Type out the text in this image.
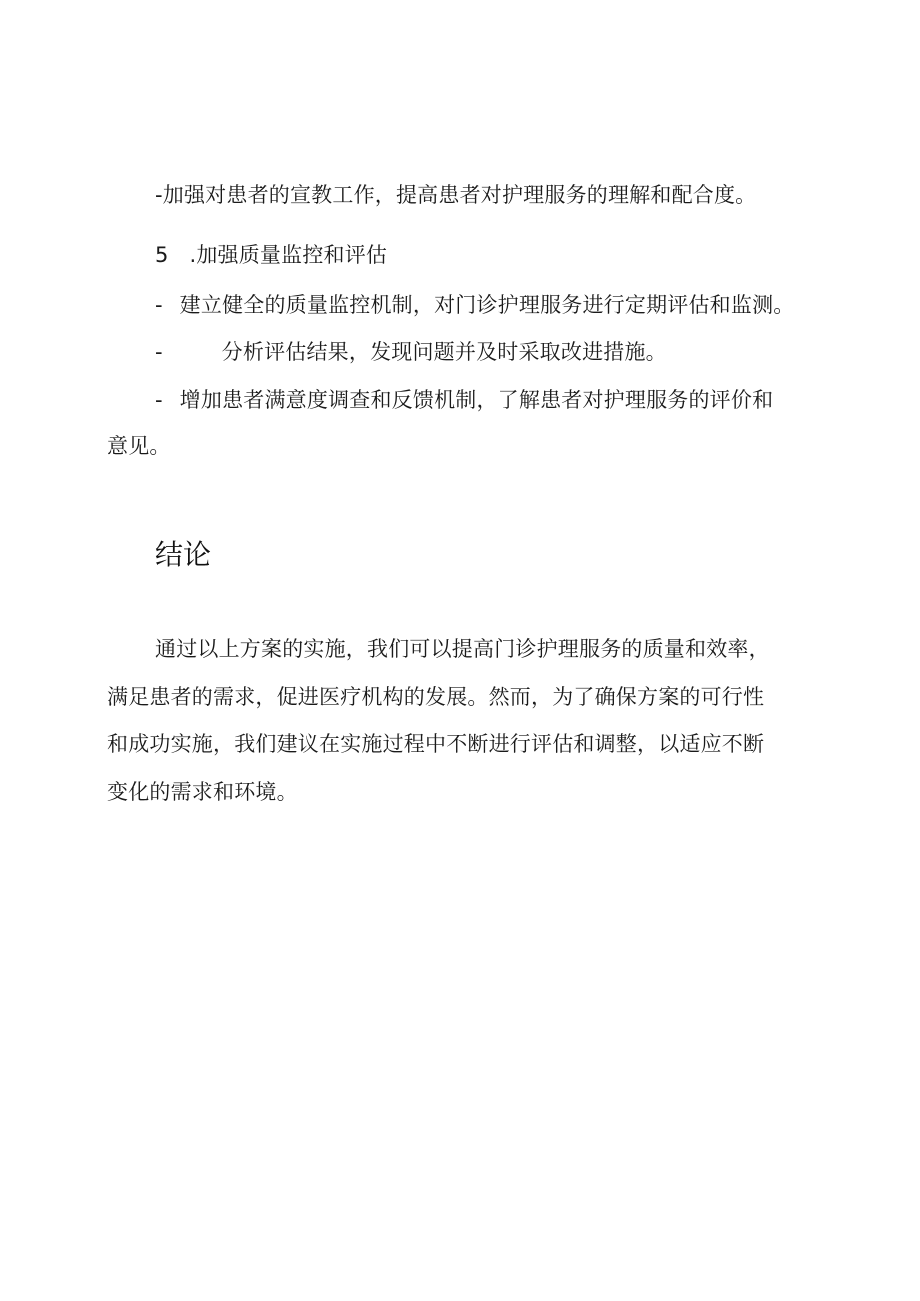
-加强对患者的宣教工作，提高患者对护理服务的理解和配合度。
5 .加强质量监控和评估
- 建立健全的质量监控机制，对门诊护理服务进行定期评估和监测。
-	分析评估结果，发现问题并及时采取改进措施。
- 增加患者满意度调查和反馈机制，了解患者对护理服务的评价和
意见。
结论
通过以上方案的实施，我们可以提高门诊护理服务的质量和效率，
满足患者的需求，促进医疗机构的发展。然而，为了确保方案的可行性
和成功实施，我们建议在实施过程中不断进行评估和调整，以适应不断
变化的需求和环境。
